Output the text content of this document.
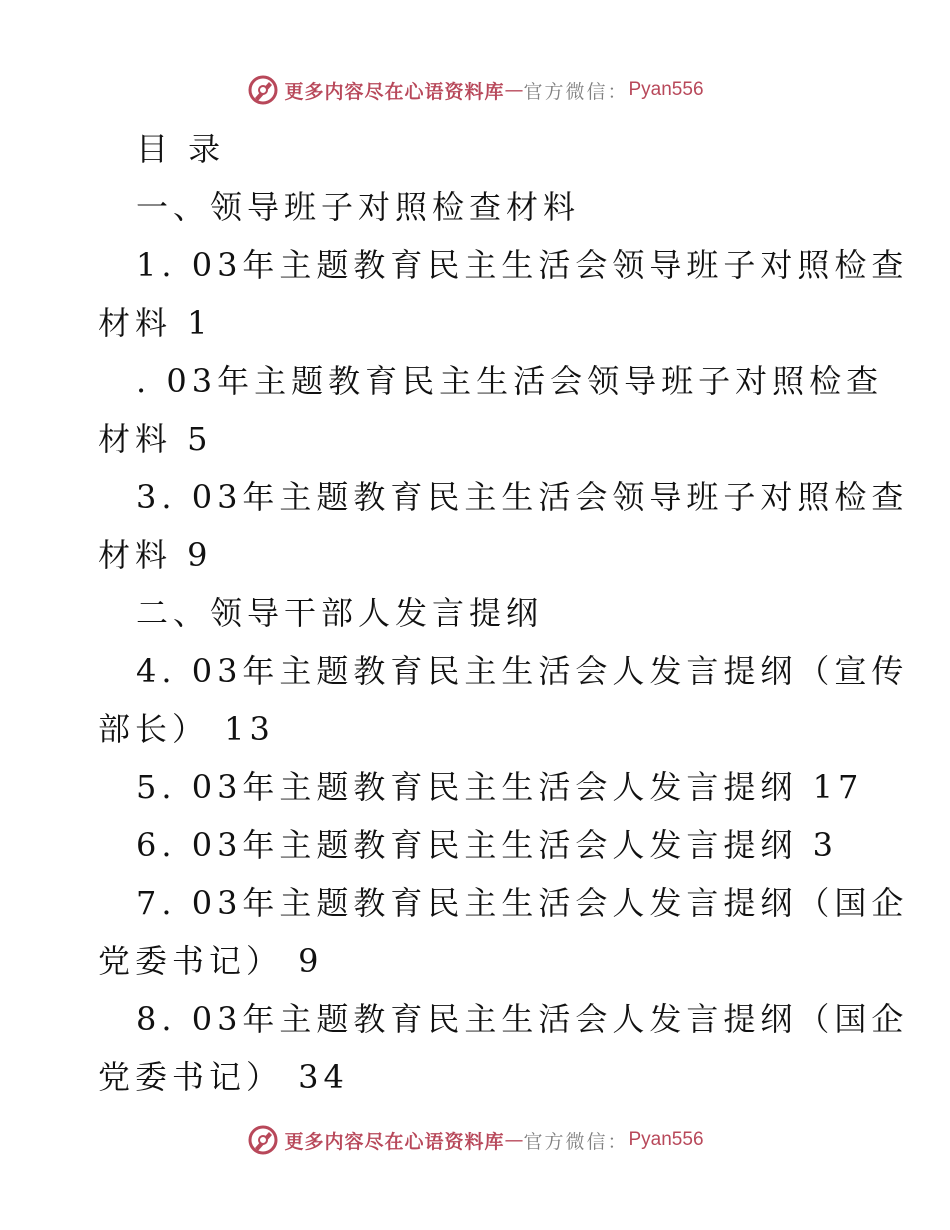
更多内容尽在心语资料库 — 官方微信： Pyan556
目 录
一、领导班子对照检查材料
1. 03年主题教育民主生活会领导班子对照检查
材料 1
. 03年主题教育民主生活会领导班子对照检查
材料 5
3. 03年主题教育民主生活会领导班子对照检查
材料 9
二、领导干部人发言提纲
4. 03年主题教育民主生活会人发言提纲（宣传
部长） 13
5. 03年主题教育民主生活会人发言提纲 17
6. 03年主题教育民主生活会人发言提纲 3
7. 03年主题教育民主生活会人发言提纲（国企
党委书记） 9
8. 03年主题教育民主生活会人发言提纲（国企
党委书记） 34
更多内容尽在心语资料库 — 官方微信： Pyan556
